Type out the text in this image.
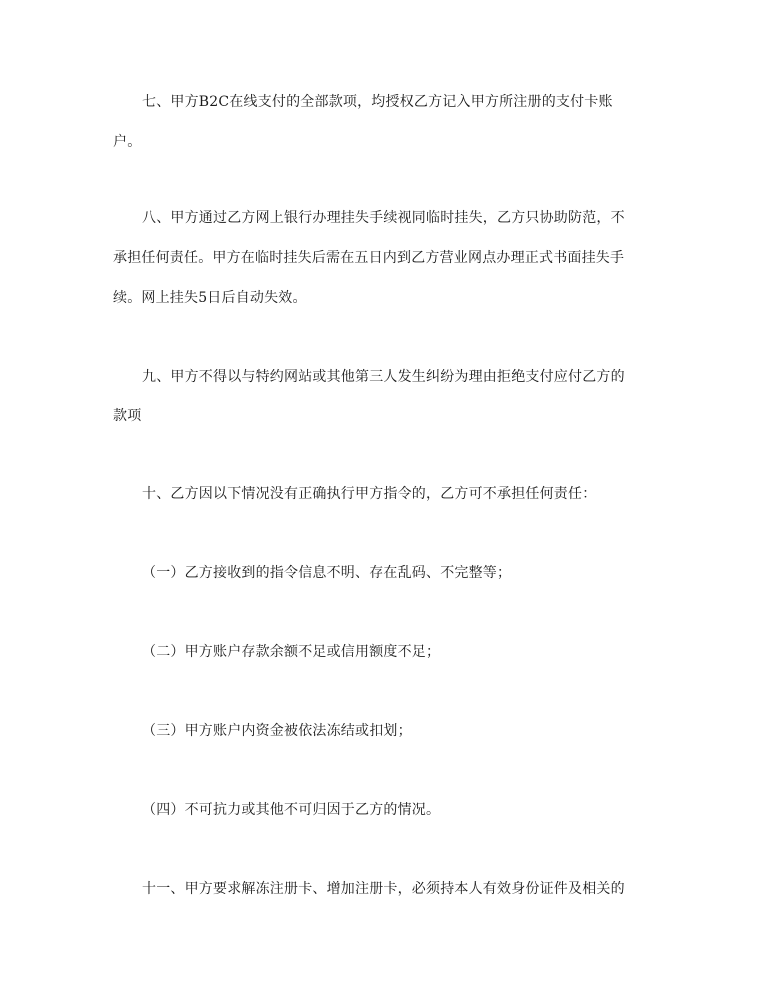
七、甲方B2C在线支付的全部款项，均授权乙方记入甲方所注册的支付卡账
户。
八、甲方通过乙方网上银行办理挂失手续视同临时挂失，乙方只协助防范，不
承担任何责任。甲方在临时挂失后需在五日内到乙方营业网点办理正式书面挂失手
续。网上挂失5日后自动失效。
九、甲方不得以与特约网站或其他第三人发生纠纷为理由拒绝支付应付乙方的
款项
十、乙方因以下情况没有正确执行甲方指令的，乙方可不承担任何责任：
（一）乙方接收到的指令信息不明、存在乱码、不完整等；
（二）甲方账户存款余额不足或信用额度不足；
（三）甲方账户内资金被依法冻结或扣划；
（四）不可抗力或其他不可归因于乙方的情况。
十一、甲方要求解冻注册卡、增加注册卡，必须持本人有效身份证件及相关的
